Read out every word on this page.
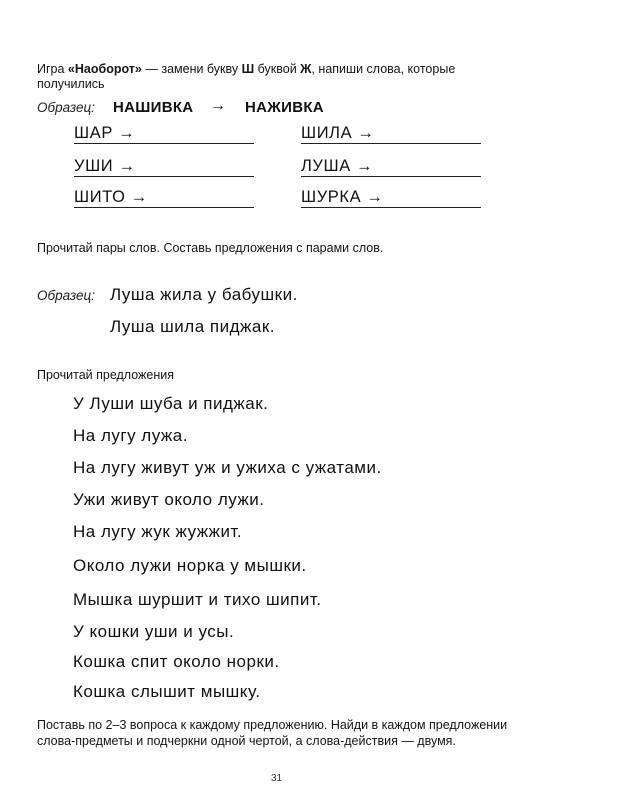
Игра «Наоборот» — замени букву Ш буквой Ж, напиши слова, которые
получились
Образец: НАШИВКА → НАЖИВКА
ШАР →	ШИЛА →
УШИ →	ЛУША →
ШИТО →	ШУРКА →
Прочитай пары слов. Составь предложения с парами слов.
Образец: Луша жила у бабушки.
Луша шила пиджак.
Прочитай предложения
У Луши шуба и пиджак.
На лугу лужа.
На лугу живут уж и ужиха с ужатами.
Ужи живут около лужи.
На лугу жук жужжит.
Около лужи норка у мышки.
Мышка шуршит и тихо шипит.
У кошки уши и усы.
Кошка спит около норки.
Кошка слышит мышку.
Поставь по 2–3 вопроса к каждому предложению. Найди в каждом предложении
слова-предметы и подчеркни одной чертой, а слова-действия — двумя.
31
